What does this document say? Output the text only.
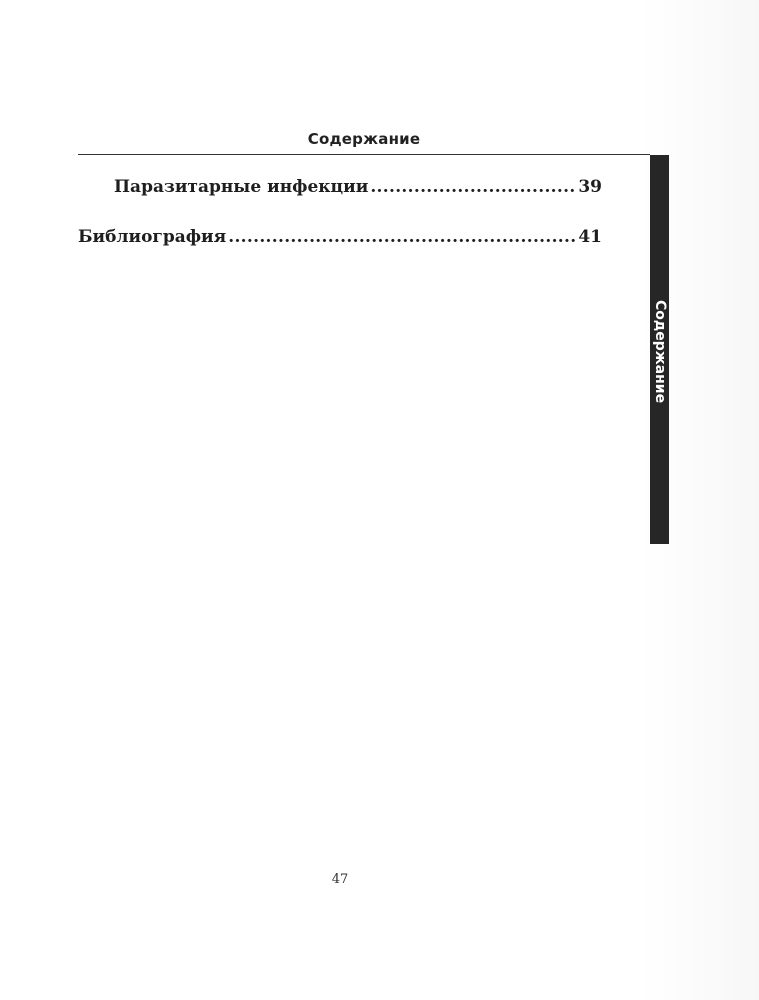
Содержание
Содержание
Паразитарные инфекции .....	39
Библиография .....	41
47
